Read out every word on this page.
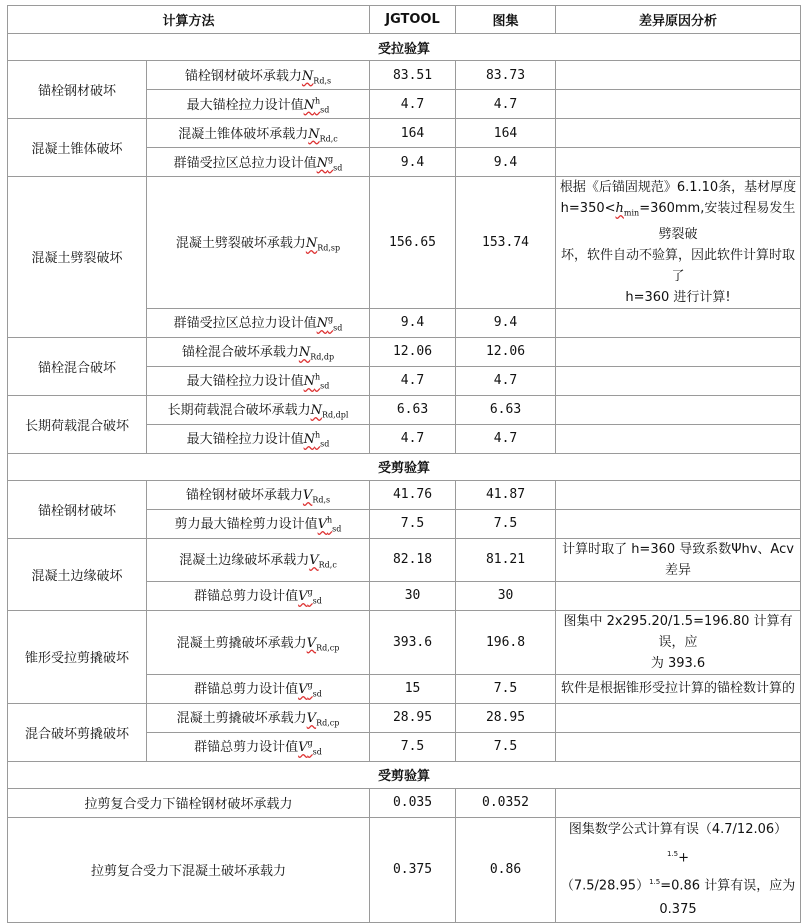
计算方法		JGTOOL	图集	差异原因分析
受拉验算				
锚栓钢材破坏	锚栓钢材破坏承载力$N_{Rd,s}$	83.51	83.73	
	最大锚栓拉力设计值$N^h_{sd}$	4.7	4.7	
混凝土锥体破坏	混凝土锥体破坏承载力$N_{Rd,c}$	164	164	
	群锚受拉区总拉力设计值$N^g_{sd}$	9.4	9.4	
混凝土劈裂破坏	混凝土劈裂破坏承载力$N_{Rd,sp}$	156.65	153.74	根据《后锚固规范》6.1.10条，基材厚度
$h=350<h_{min}=360mm$,安装过程易发生劈裂破
坏，软件自动不验算，因此软件计算时取了
h=360 进行计算!

	群锚受拉区总拉力设计值$N^g_{sd}$	9.4	9.4	
锚栓混合破坏	锚栓混合破坏承载力$N_{Rd,dp}$	12.06	12.06	
	最大锚栓拉力设计值$N^h_{sd}$	4.7	4.7	
长期荷载混合破坏	长期荷载混合破坏承载力$N_{Rd,dpl}$	6.63	6.63	
	最大锚栓拉力设计值$N^h_{sd}$	4.7	4.7	
受剪验算				
锚栓钢材破坏	锚栓钢材破坏承载力$V_{Rd,s}$	41.76	41.87	
	剪力最大锚栓剪力设计值$V^h_{sd}$	7.5	7.5	
混凝土边缘破坏	混凝土边缘破坏承载力$V_{Rd,c}$	82.18	81.21	计算时取了 h=360 导致系数Ψhv、Acv差异
	群锚总剪力设计值$V^g_{sd}$	30	30	
锥形受拉剪撬破坏	混凝土剪撬破坏承载力$V_{Rd,cp}$	393.6	196.8	图集中 2x295.20/1.5=196.80 计算有误，应
为 393.6

	群锚总剪力设计值$V^g_{sd}$	15	7.5	软件是根据锥形受拉计算的锚栓数计算的
混合破坏剪撬破坏	混凝土剪撬破坏承载力$V_{Rd,cp}$	28.95	28.95	
	群锚总剪力设计值$V^g_{sd}$	7.5	7.5	
受剪验算				
拉剪复合受力下锚栓钢材破坏承载力		0.035	0.0352	
拉剪复合受力下混凝土破坏承载力		0.375	0.86	图集数学公式计算有误$(4.7/12.06)^{1.5}+$
$(7.5/28.95)^{1.5}=0.86$ 计算有误，应为 0.375
